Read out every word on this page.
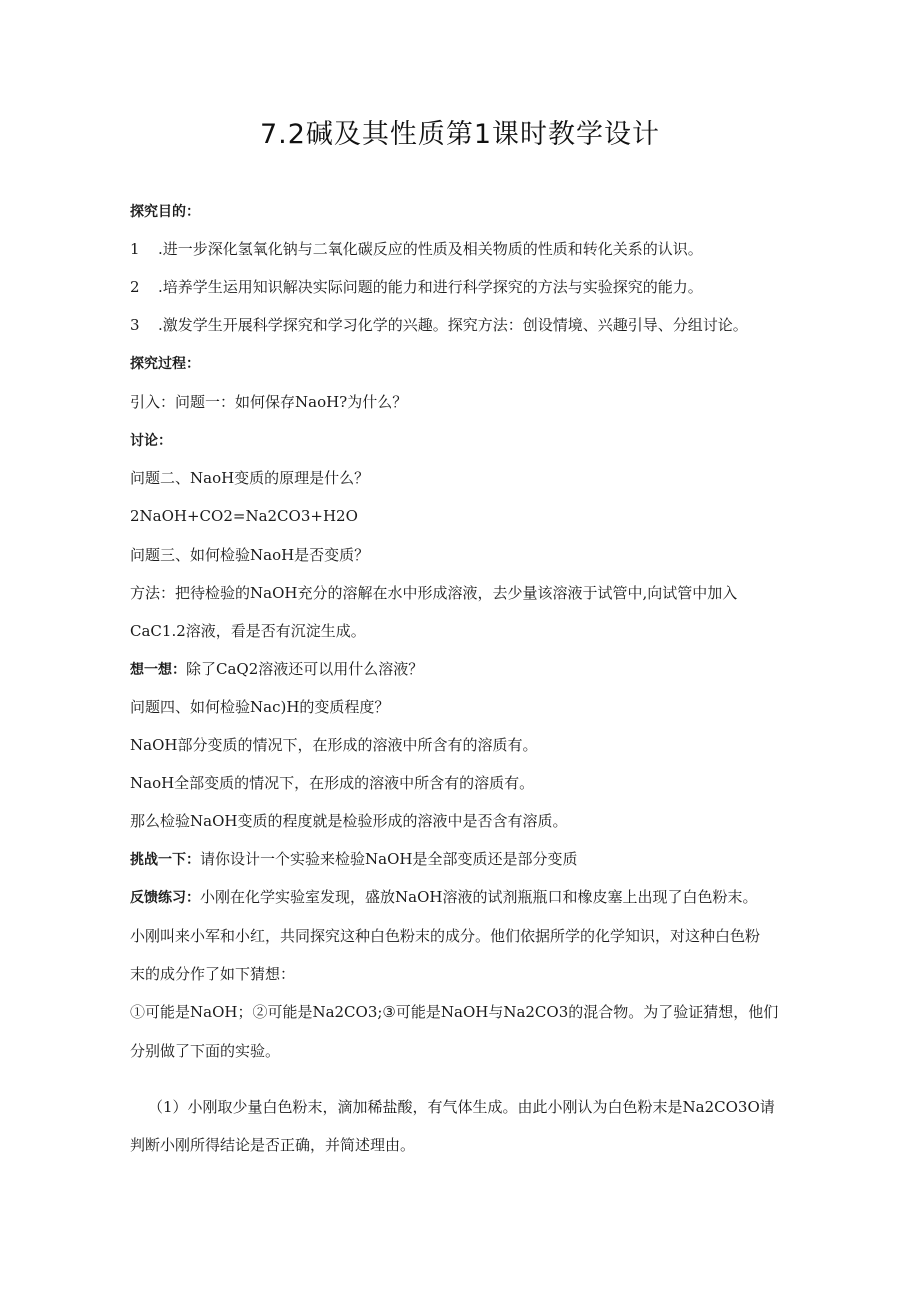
7.2碱及其性质第1课时教学设计

探究目的：

1 .进一步深化氢氧化钠与二氧化碳反应的性质及相关物质的性质和转化关系的认识。

2 .培养学生运用知识解决实际问题的能力和进行科学探究的方法与实验探究的能力。

3 .激发学生开展科学探究和学习化学的兴趣。探究方法：创设情境、兴趣引导、分组讨论。

探究过程：

引入：问题一：如何保存NaoH?为什么？

讨论：

问题二、NaoH变质的原理是什么？

2NaOH+CO2=Na2CO3+H2O

问题三、如何检验NaoH是否变质？

方法：把待检验的NaOH充分的溶解在水中形成溶液，去少量该溶液于试管中,向试管中加入

CaC1.2溶液，看是否有沉淀生成。

想一想：除了CaQ2溶液还可以用什么溶液？

问题四、如何检验Nac)H的变质程度？

NaOH部分变质的情况下，在形成的溶液中所含有的溶质有。

NaoH全部变质的情况下，在形成的溶液中所含有的溶质有。

那么检验NaOH变质的程度就是检验形成的溶液中是否含有溶质。

挑战一下：请你设计一个实验来检验NaOH是全部变质还是部分变质

反馈练习：小刚在化学实验室发现，盛放NaOH溶液的试剂瓶瓶口和橡皮塞上出现了白色粉末。

小刚叫来小军和小红，共同探究这种白色粉末的成分。他们依据所学的化学知识，对这种白色粉

末的成分作了如下猜想：

①可能是NaOH；②可能是Na2CO3;③可能是NaOH与Na2CO3的混合物。为了验证猜想，他们

分别做了下面的实验。

（1）小刚取少量白色粉末，滴加稀盐酸，有气体生成。由此小刚认为白色粉末是Na2CO3O请

判断小刚所得结论是否正确，并简述理由。
